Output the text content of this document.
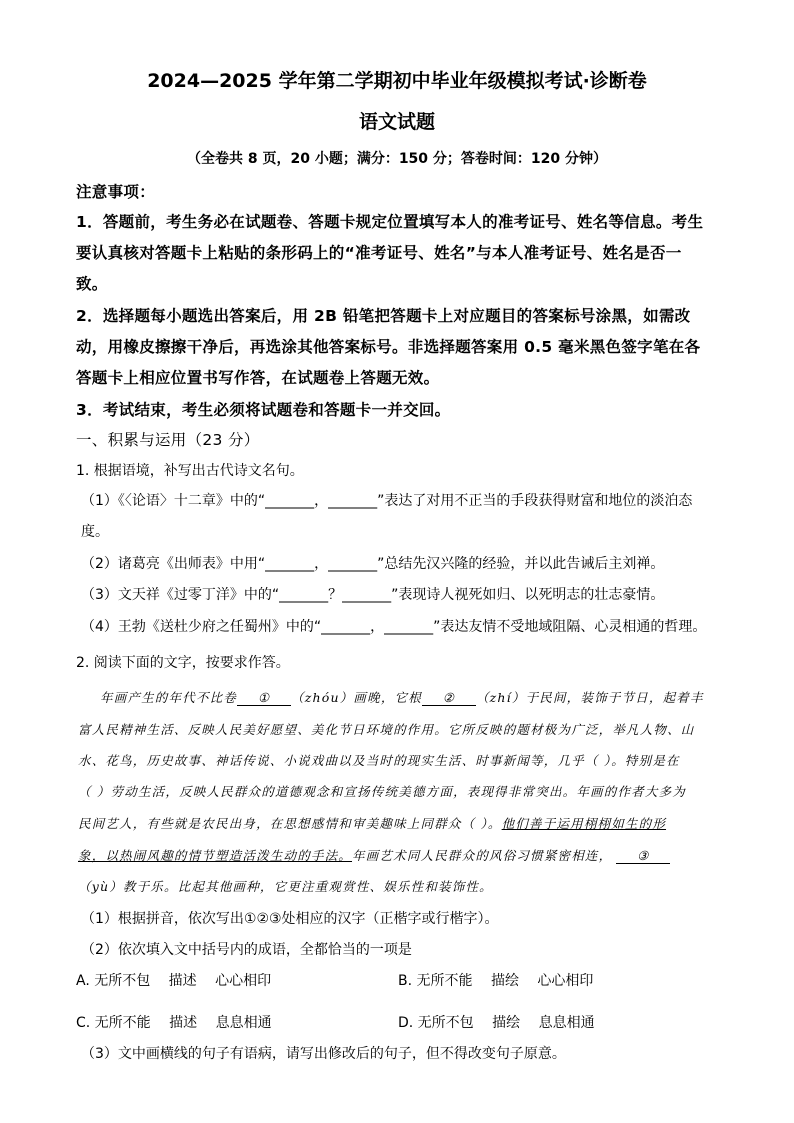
2024—2025 学年第二学期初中毕业年级模拟考试·诊断卷
语文试题
（全卷共 8 页，20 小题；满分：150 分；答卷时间：120 分钟）
注意事项：
1．答题前，考生务必在试题卷、答题卡规定位置填写本人的准考证号、姓名等信息。考生
要认真核对答题卡上粘贴的条形码上的“准考证号、姓名”与本人准考证号、姓名是否一
致。
2．选择题每小题选出答案后，用 2B 铅笔把答题卡上对应题目的答案标号涂黑，如需改
动，用橡皮擦擦干净后，再选涂其他答案标号。非选择题答案用 0.5 毫米黑色签字笔在各
答题卡上相应位置书写作答，在试题卷上答题无效。
3．考试结束，考生必须将试题卷和答题卡一并交回。
一、积累与运用（23 分）
1. 根据语境，补写出古代诗文名句。
（1）《〈论语〉十二章》中的“_______，_______”表达了对用不正当的手段获得财富和地位的淡泊态
度。
（2）诸葛亮《出师表》中用“_______，_______”总结先汉兴隆的经验，并以此告诫后主刘禅。
（3）文天祥《过零丁洋》中的“_______？_______”表现诗人视死如归、以死明志的壮志豪情。
（4）王勃《送杜少府之任蜀州》中的“_______，_______”表达友情不受地域阻隔、心灵相通的哲理。
2. 阅读下面的文字，按要求作答。
年画产生的年代不比卷 ① （zhóu）画晚，它根 ② （zhí）于民间，装饰于节日，起着丰
富人民精神生活、反映人民美好愿望、美化节日环境的作用。它所反映的题材极为广泛，举凡人物、山
水、花鸟，历史故事、神话传说、小说戏曲以及当时的现实生活、时事新闻等，几乎（ ）。特别是在
（ ）劳动生活，反映人民群众的道德观念和宣扬传统美德方面，表现得非常突出。年画的作者大多为
民间艺人，有些就是农民出身，在思想感情和审美趣味上同群众（ ）。他们善于运用栩栩如生的形
象，以热闹风趣的情节塑造活泼生动的手法。年画艺术同人民群众的风俗习惯紧密相连， ③
（yù）教于乐。比起其他画种，它更注重观赏性、娱乐性和装饰性。
（1）根据拼音，依次写出①②③处相应的汉字（正楷字或行楷字）。
（2）依次填入文中括号内的成语，全都恰当的一项是
A. 无所不包　 描述　 心心相印	B. 无所不能　 描绘　 心心相印
C. 无所不能　 描述　 息息相通	D. 无所不包　 描绘　 息息相通
（3）文中画横线的句子有语病，请写出修改后的句子，但不得改变句子原意。
